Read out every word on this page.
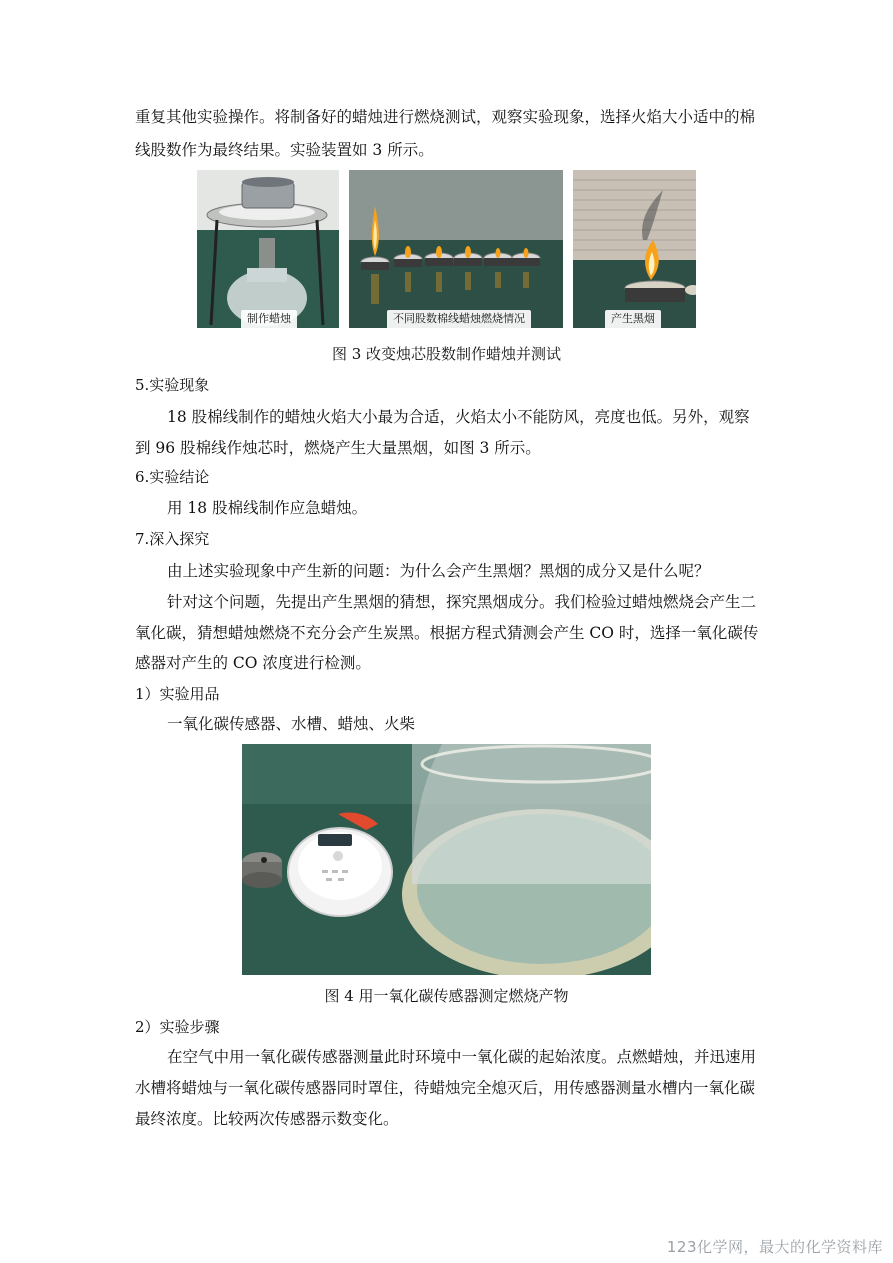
重复其他实验操作。将制备好的蜡烛进行燃烧测试，观察实验现象，选择火焰大小适中的棉
线股数作为最终结果。实验装置如 3 所示。
制作蜡烛	不同股数棉线蜡烛燃烧情况	产生黑烟
图 3 改变烛芯股数制作蜡烛并测试
5.实验现象
18 股棉线制作的蜡烛火焰大小最为合适，火焰太小不能防风，亮度也低。另外，观察
到 96 股棉线作烛芯时，燃烧产生大量黑烟，如图 3 所示。
6.实验结论
用 18 股棉线制作应急蜡烛。
7.深入探究
由上述实验现象中产生新的问题：为什么会产生黑烟？黑烟的成分又是什么呢？
针对这个问题，先提出产生黑烟的猜想，探究黑烟成分。我们检验过蜡烛燃烧会产生二
氧化碳，猜想蜡烛燃烧不充分会产生炭黑。根据方程式猜测会产生 CO 时，选择一氧化碳传
感器对产生的 CO 浓度进行检测。
1）实验用品
一氧化碳传感器、水槽、蜡烛、火柴
图 4 用一氧化碳传感器测定燃烧产物
2）实验步骤
在空气中用一氧化碳传感器测量此时环境中一氧化碳的起始浓度。点燃蜡烛，并迅速用
水槽将蜡烛与一氧化碳传感器同时罩住，待蜡烛完全熄灭后，用传感器测量水槽内一氧化碳
最终浓度。比较两次传感器示数变化。
123化学网，最大的化学资料库
